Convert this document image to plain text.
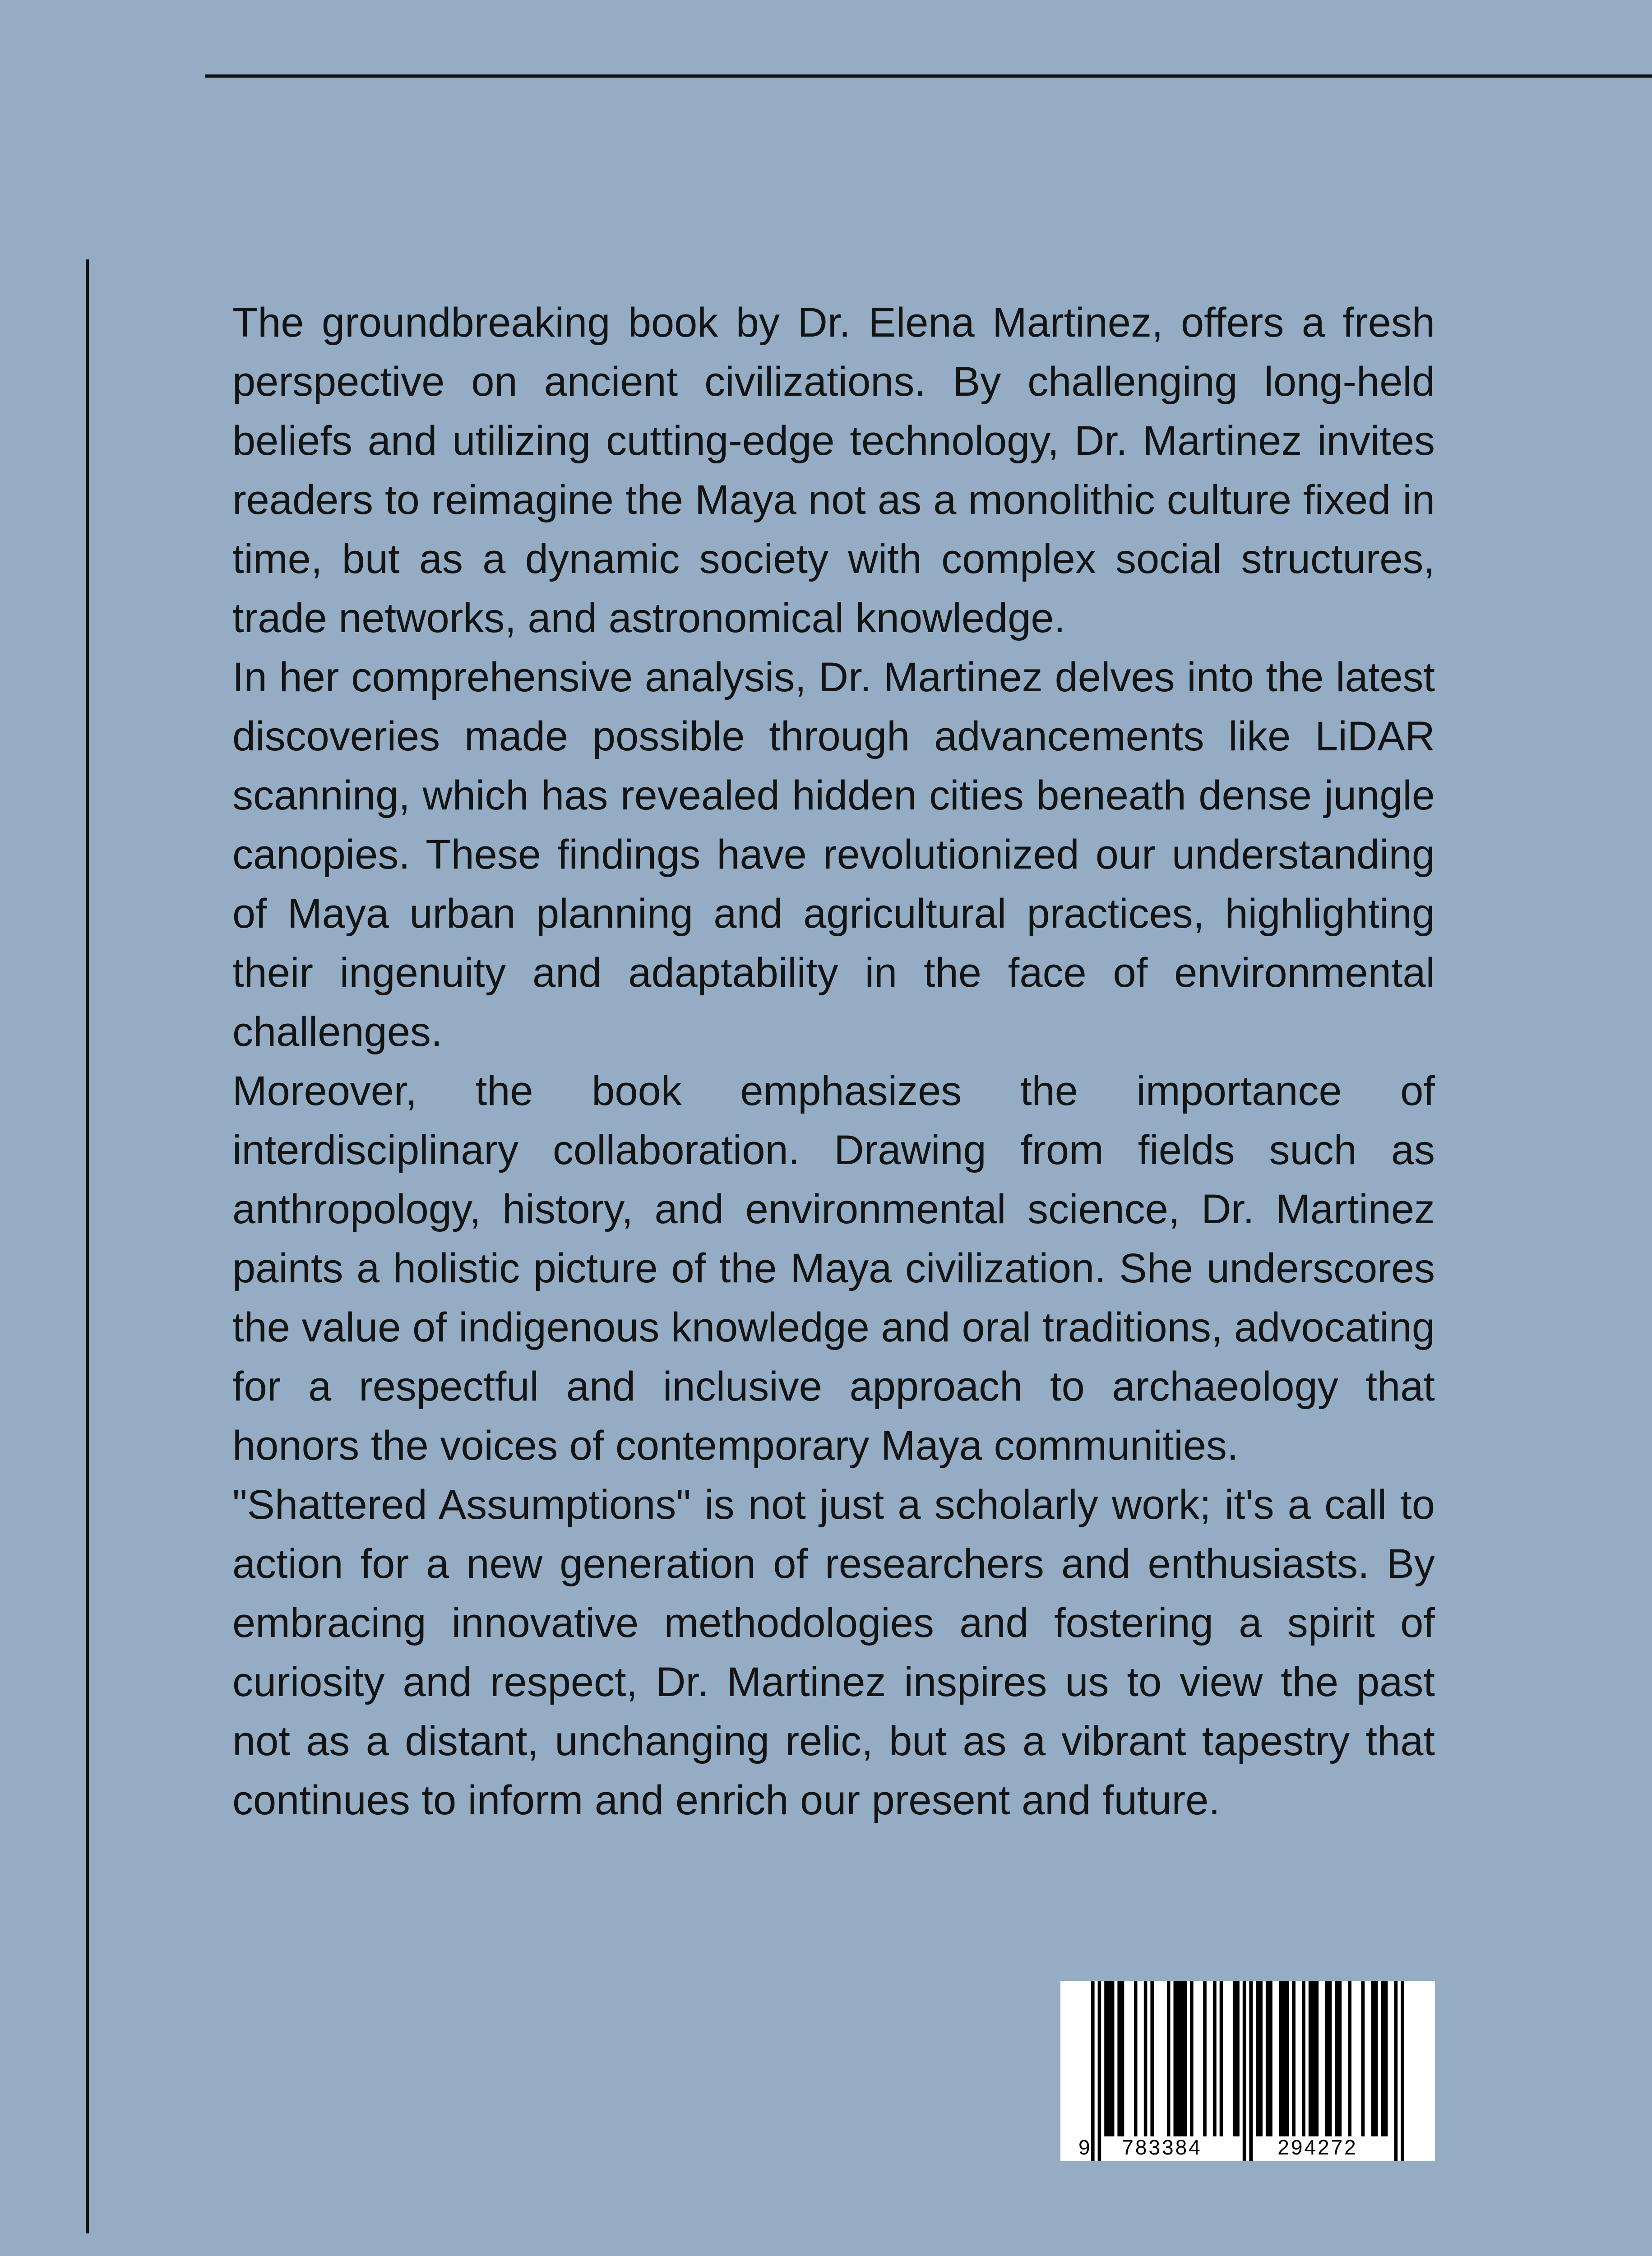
The groundbreaking book by Dr. Elena Martinez, offers a fresh perspective on ancient civilizations. By challenging long-held beliefs and utilizing cutting-edge technology, Dr. Martinez invites readers to reimagine the Maya not as a monolithic culture fixed in time, but as a dynamic society with complex social structures, trade networks, and astronomical knowledge.

In her comprehensive analysis, Dr. Martinez delves into the latest discoveries made possible through advancements like LiDAR scanning, which has revealed hidden cities beneath dense jungle canopies. These findings have revolutionized our understanding of Maya urban planning and agricultural practices, highlighting their ingenuity and adaptability in the face of environmental challenges.

Moreover, the book emphasizes the importance of interdisciplinary collaboration. Drawing from fields such as anthropology, history, and environmental science, Dr. Martinez paints a holistic picture of the Maya civilization. She underscores the value of indigenous knowledge and oral traditions, advocating for a respectful and inclusive approach to archaeology that honors the voices of contemporary Maya communities.

"Shattered Assumptions" is not just a scholarly work; it's a call to action for a new generation of researchers and enthusiasts. By embracing innovative methodologies and fostering a spirit of curiosity and respect, Dr. Martinez inspires us to view the past not as a distant, unchanging relic, but as a vibrant tapestry that continues to inform and enrich our present and future.

9 783384	294272
